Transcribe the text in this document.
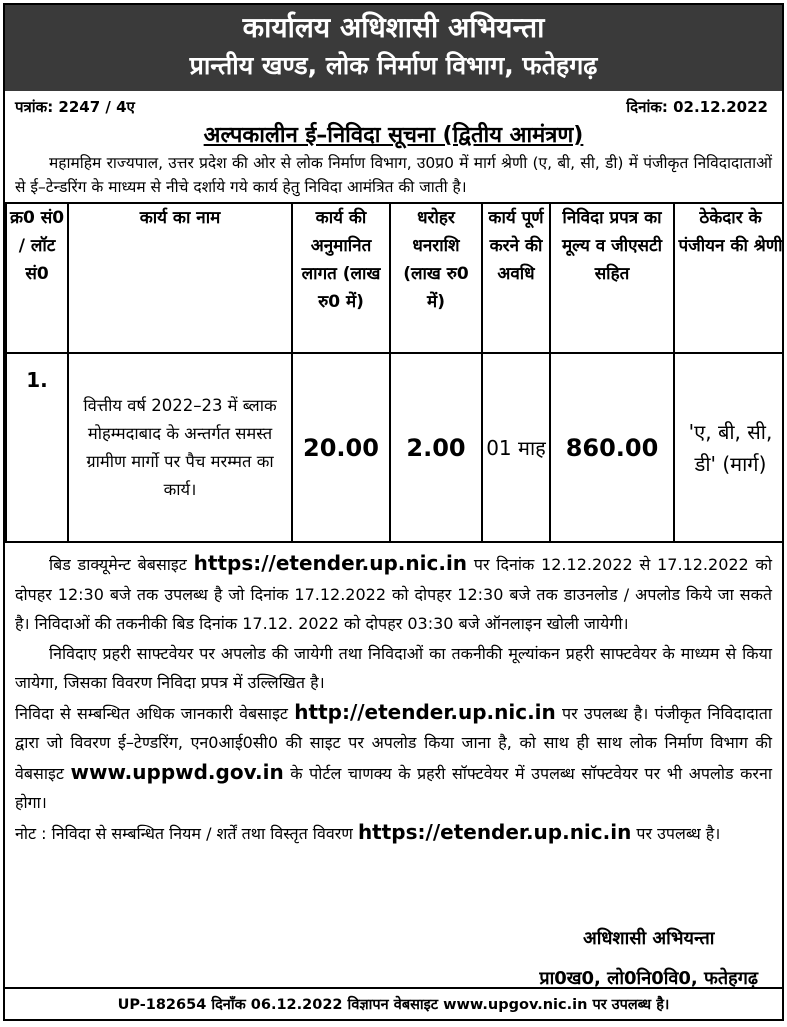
कार्यालय अधिशासी अभियन्ता
प्रान्तीय खण्ड, लोक निर्माण विभाग, फतेहगढ़
पत्रांक: 2247 / 4ए	दिनांक: 02.12.2022
अल्पकालीन ई–निविदा सूचना (द्वितीय आमंत्रण)
महामहिम राज्यपाल, उत्तर प्रदेश की ओर से लोक निर्माण विभाग, उ0प्र0 में मार्ग श्रेणी (ए, बी, सी, डी) में पंजीकृत निविदादाताओं से ई–टेन्डरिंग के माध्यम से नीचे दर्शाये गये कार्य हेतु निविदा आमंत्रित की जाती है।
क्र0 सं0 / लॉट सं0	कार्य का नाम	कार्य की अनुमानित लागत (लाख रु0 में)	धरोहर धनराशि (लाख रु0 में)	कार्य पूर्ण करने की अवधि	निविदा प्रपत्र का मूल्य व जीएसटी सहित	ठेकेदार के पंजीयन की श्रेणी
1.	वित्तीय वर्ष 2022–23 में ब्लाक मोहम्मदाबाद के अन्तर्गत समस्त ग्रामीण मार्गो पर पैच मरम्मत का कार्य।	20.00	2.00	01 माह	860.00	'ए, बी, सी, डी' (मार्ग)

बिड डाक्यूमेन्ट बेबसाइट https://etender.up.nic.in पर दिनांक 12.12.2022 से 17.12.2022 को दोपहर 12:30 बजे तक उपलब्ध है जो दिनांक 17.12.2022 को दोपहर 12:30 बजे तक डाउनलोड / अपलोड किये जा सकते है। निविदाओं की तकनीकी बिड दिनांक 17.12. 2022 को दोपहर 03:30 बजे ऑनलाइन खोली जायेगी।

निविदाए प्रहरी साफ्टवेयर पर अपलोड की जायेगी तथा निविदाओं का तकनीकी मूल्यांकन प्रहरी साफ्टवेयर के माध्यम से किया जायेगा, जिसका विवरण निविदा प्रपत्र में उल्लिखित है।

निविदा से सम्बन्धित अधिक जानकारी वेबसाइट http://etender.up.nic.in पर उपलब्ध है। पंजीकृत निविदादाता द्वारा जो विवरण ई–टेण्डरिंग, एन0आई0सी0 की साइट पर अपलोड किया जाना है, को साथ ही साथ लोक निर्माण विभाग की वेबसाइट www.uppwd.gov.in के पोर्टल चाणक्य के प्रहरी सॉफ्टवेयर में उपलब्ध सॉफ्टवेयर पर भी अपलोड करना होगा।

नोट : निविदा से सम्बन्धित नियम / शर्तें तथा विस्तृत विवरण https://etender.up.nic.in पर उपलब्ध है।

अधिशासी अभियन्ता
प्रा0ख0, लो0नि0वि0, फतेहगढ़
UP-182654 दिनाँक 06.12.2022 विज्ञापन वेबसाइट www.upgov.nic.in पर उपलब्ध है।
